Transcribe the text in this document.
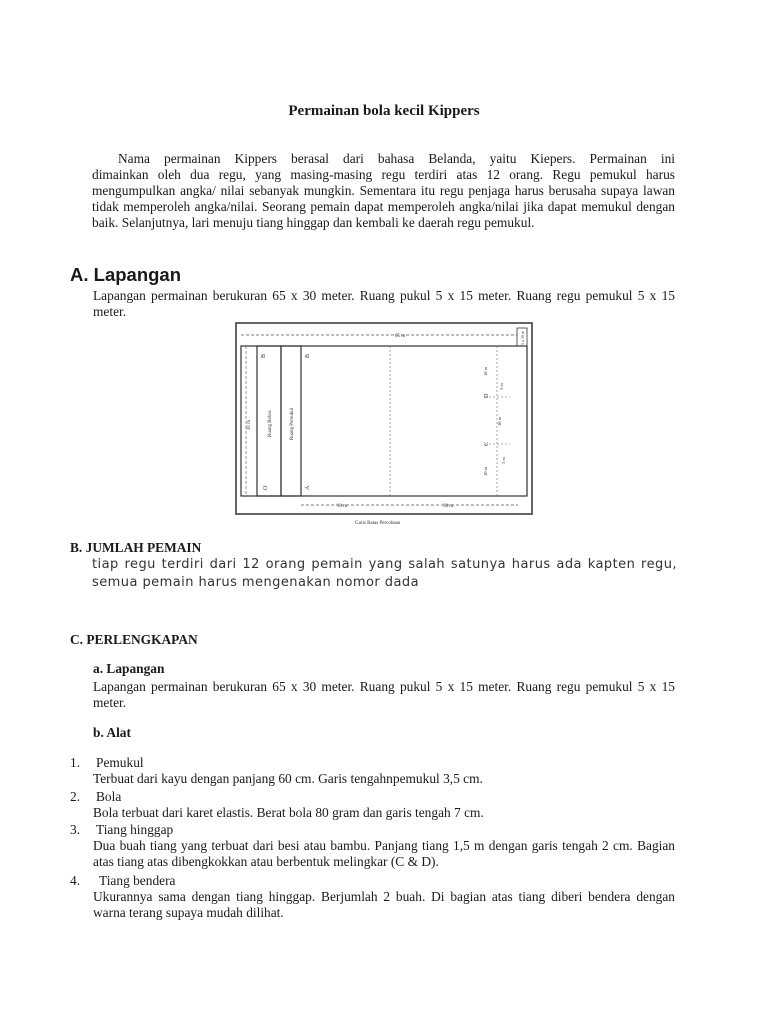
Permainan bola kecil Kippers
Nama permainan Kippers berasal dari bahasa Belanda, yaitu Kiepers. Permainan ini
dimainkan oleh dua regu, yang masing-masing regu terdiri atas 12 orang. Regu pemukul harus mengumpulkan angka/ nilai sebanyak mungkin. Sementara itu regu penjaga harus berusaha supaya lawan tidak memperoleh angka/nilai. Seorang pemain dapat memperoleh angka/nilai jika dapat memukul dengan baik. Selanjutnya, lari menuju tiang hinggap dan kembali ke daerah regu pemukul.
A. Lapangan
Lapangan permainan berukuran 65 x 30 meter. Ruang pukul 5 x 15 meter. Ruang regu pemukul 5 x 15 meter.
65 m	5 x 10 m
30 m	Ruang Bebas
B
O
Ruang Pemukul
B
A
10 m
D
5 m
10 m
C
5 m
10 m
30 m	30 m
Garis Batas Percobaan
B. JUMLAH PEMAIN
tiap regu terdiri dari 12 orang pemain yang salah satunya harus ada kapten regu, semua pemain harus mengenakan nomor dada
C. PERLENGKAPAN
a. Lapangan
Lapangan permainan berukuran 65 x 30 meter. Ruang pukul 5 x 15 meter. Ruang regu pemukul 5 x 15 meter.
b. Alat
1. Pemukul
Terbuat dari kayu dengan panjang 60 cm. Garis tengahnpemukul 3,5 cm.
2. Bola
Bola terbuat dari karet elastis. Berat bola 80 gram dan garis tengah 7 cm.
3. Tiang hinggap
Dua buah tiang yang terbuat dari besi atau bambu. Panjang tiang 1,5 m dengan garis tengah 2 cm. Bagian atas tiang atas dibengkokkan atau berbentuk melingkar (C & D).
4. Tiang bendera
Ukurannya sama dengan tiang hinggap. Berjumlah 2 buah. Di bagian atas tiang diberi bendera dengan warna terang supaya mudah dilihat.
